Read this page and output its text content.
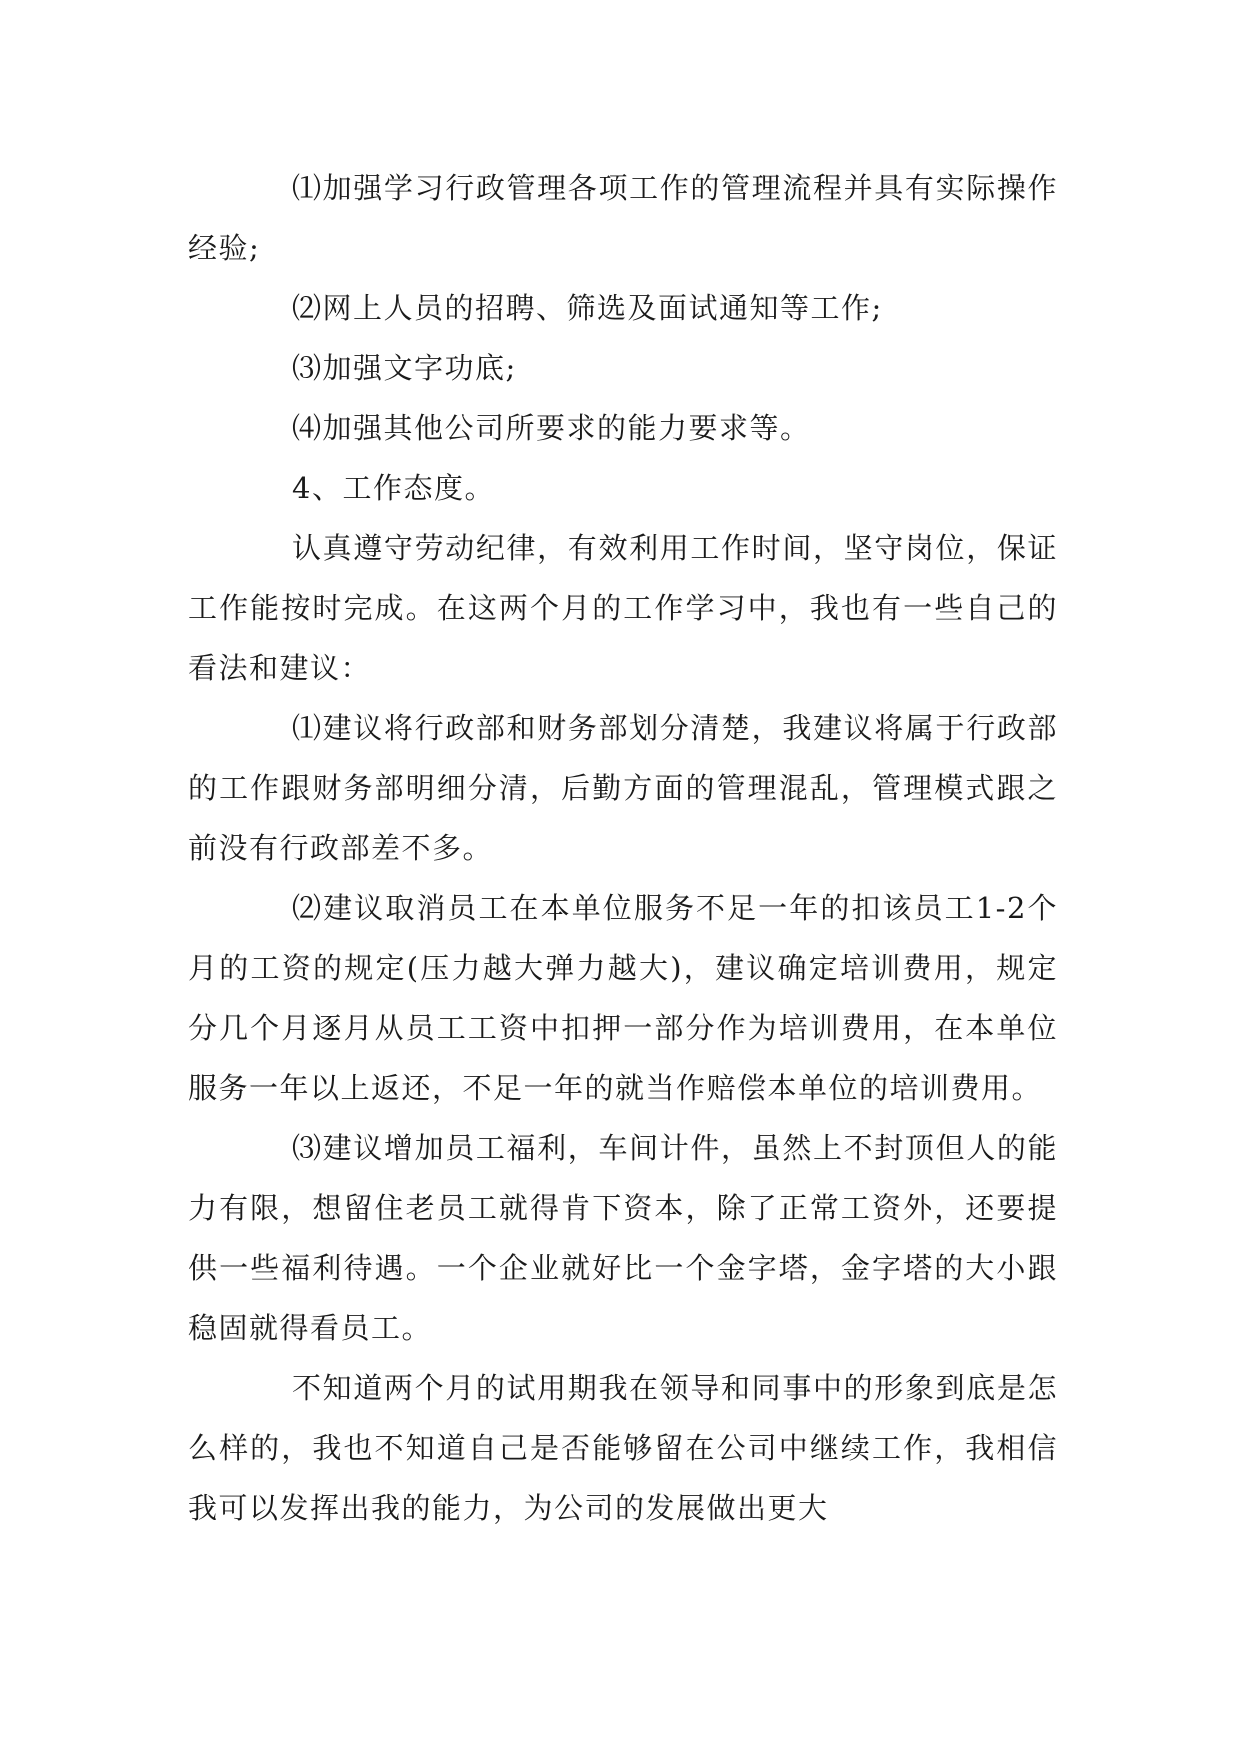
⑴加强学习行政管理各项工作的管理流程并具有实际操作经验;

⑵网上人员的招聘、筛选及面试通知等工作;

⑶加强文字功底;

⑷加强其他公司所要求的能力要求等。

4、工作态度。

认真遵守劳动纪律，有效利用工作时间，坚守岗位，保证工作能按时完成。在这两个月的工作学习中，我也有一些自己的看法和建议：

⑴建议将行政部和财务部划分清楚，我建议将属于行政部的工作跟财务部明细分清，后勤方面的管理混乱，管理模式跟之前没有行政部差不多。

⑵建议取消员工在本单位服务不足一年的扣该员工1-2个月的工资的规定(压力越大弹力越大)，建议确定培训费用，规定分几个月逐月从员工工资中扣押一部分作为培训费用，在本单位服务一年以上返还，不足一年的就当作赔偿本单位的培训费用。

⑶建议增加员工福利，车间计件，虽然上不封顶但人的能力有限，想留住老员工就得肯下资本，除了正常工资外，还要提供一些福利待遇。一个企业就好比一个金字塔，金字塔的大小跟稳固就得看员工。

不知道两个月的试用期我在领导和同事中的形象到底是怎么样的，我也不知道自己是否能够留在公司中继续工作，我相信我可以发挥出我的能力，为公司的发展做出更大
